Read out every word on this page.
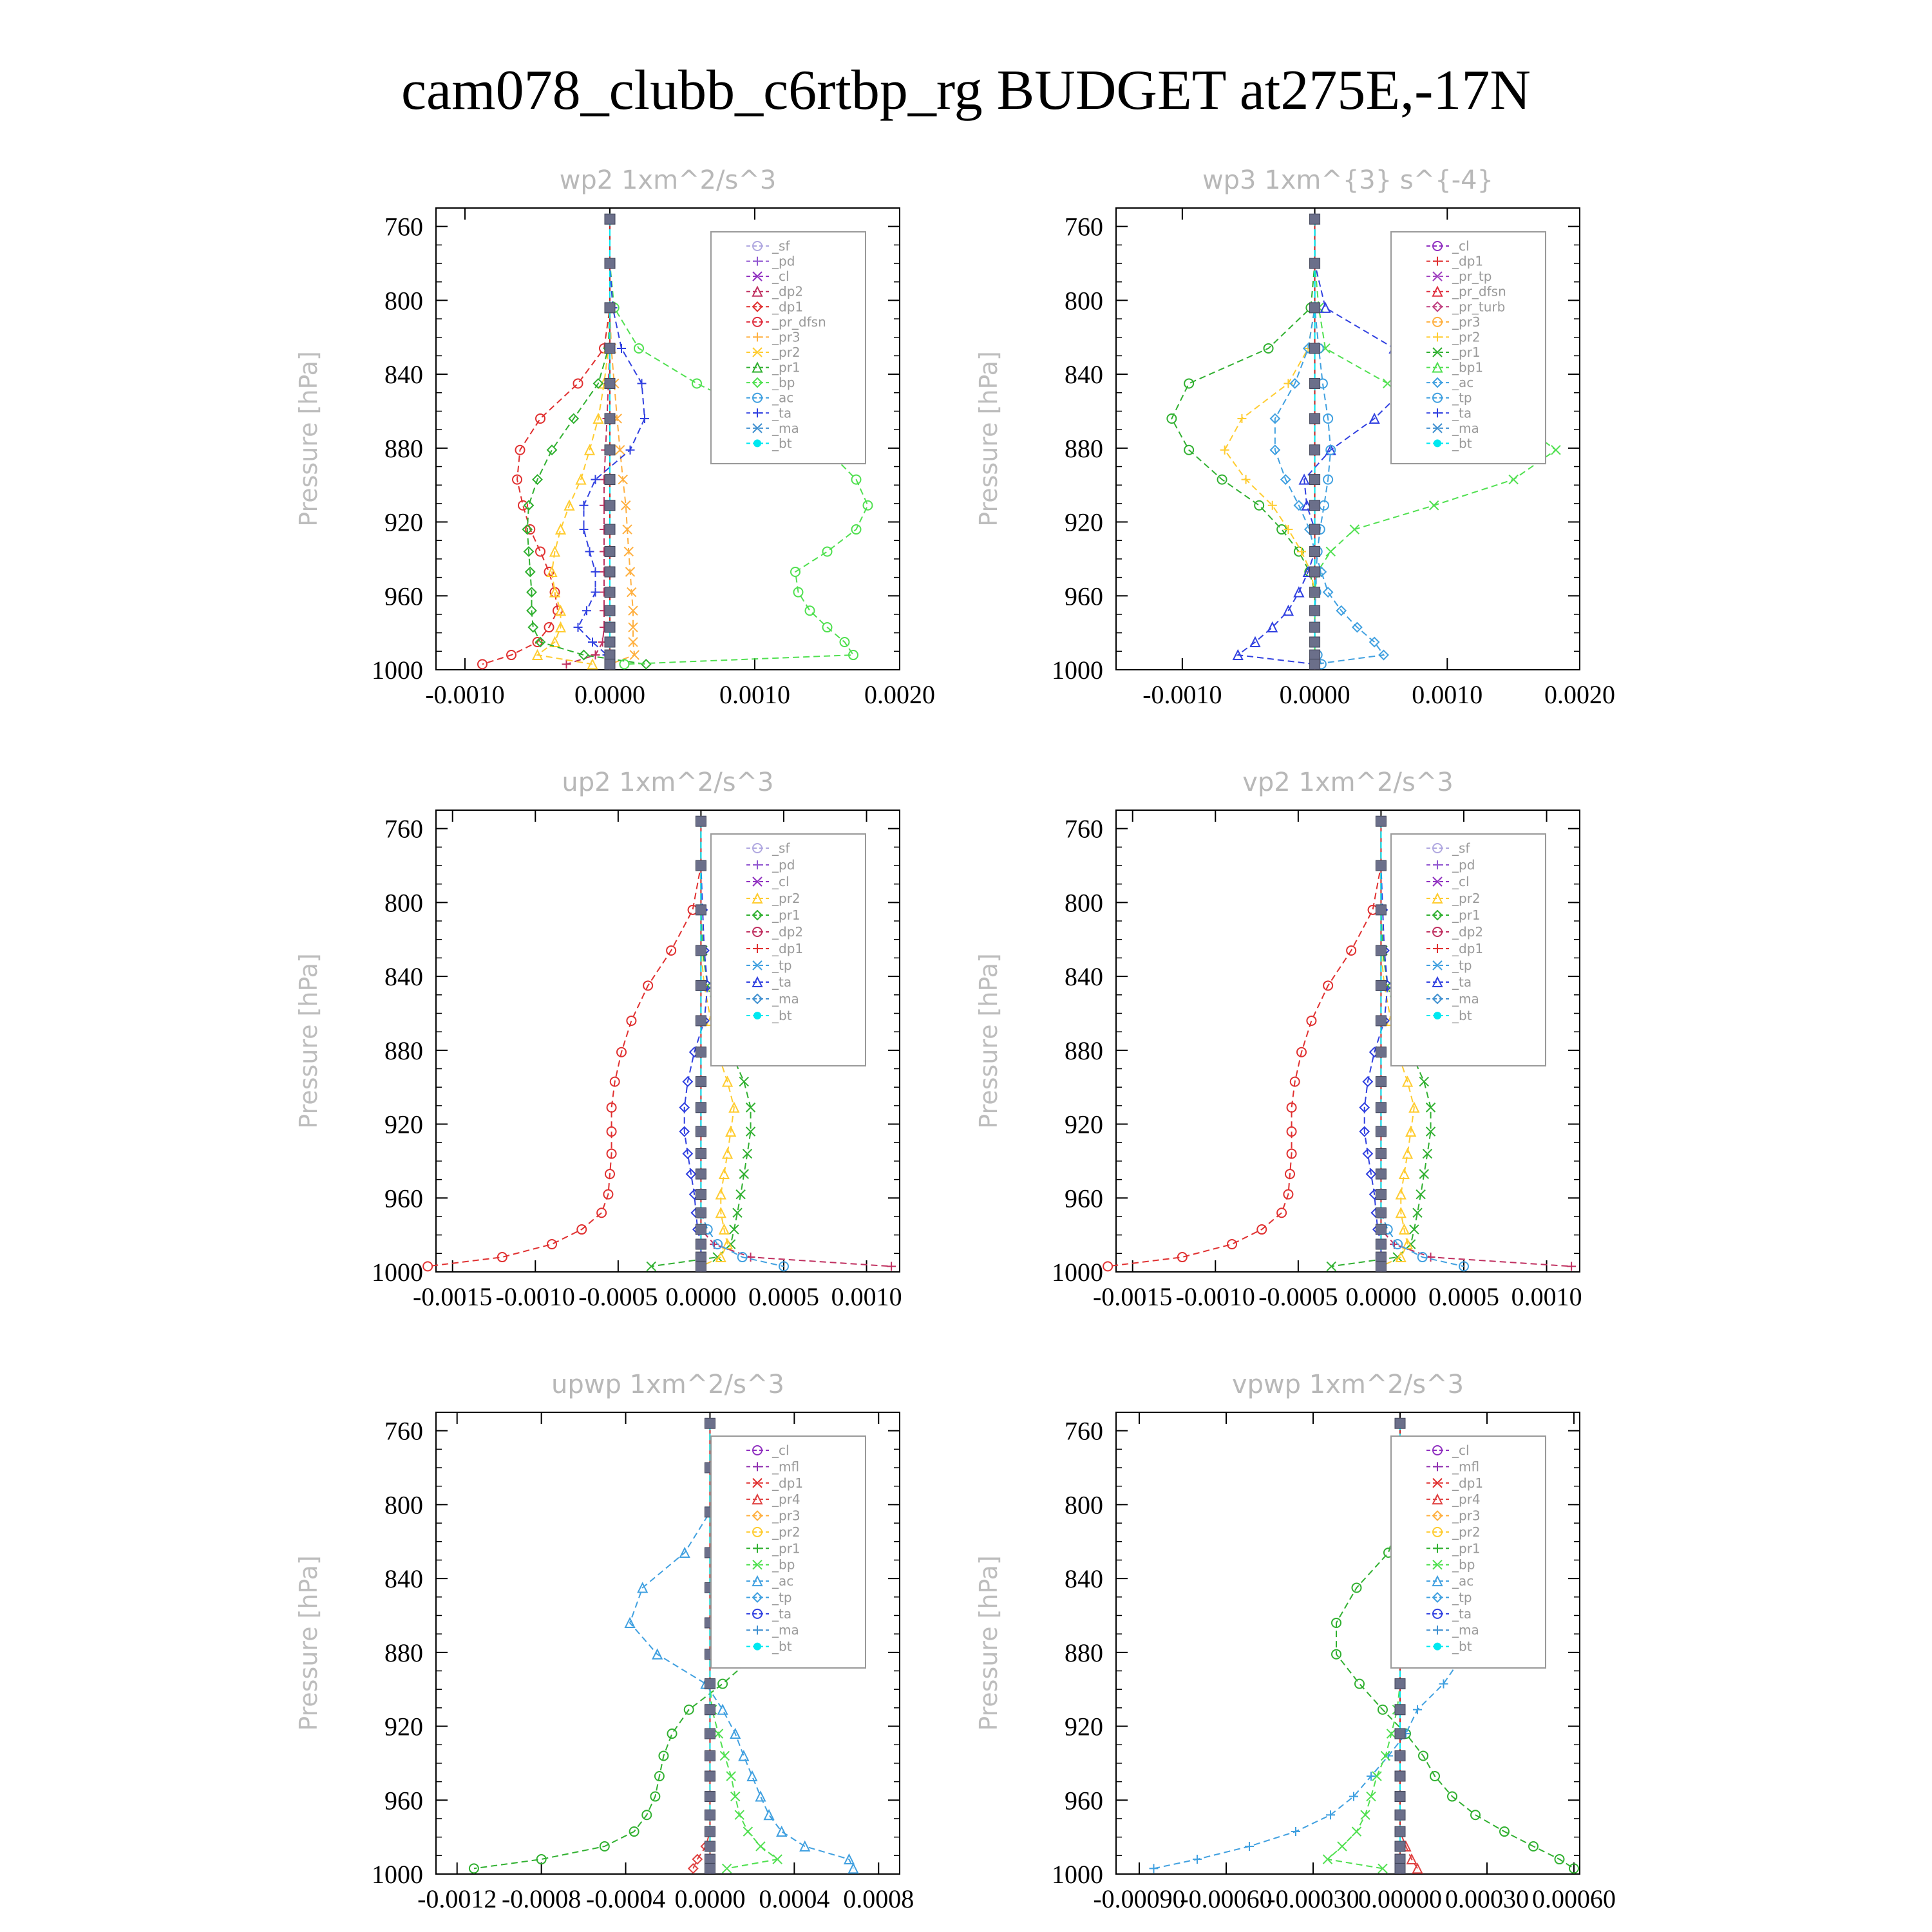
cam078_clubb_c6rtbp_rg BUDGET at275E,-17N
wp2 1xm^2/s^3
Pressure [hPa]
760
800
840
880
920
960
1000
-0.0010	0.0000	0.0010	0.0020
_sf
_pd
_cl
_dp2
_dp1
_pr_dfsn
_pr3
_pr2
_pr1
_bp
_ac
_ta
_ma
_bt
wp3 1xm^{3} s^{-4}
Pressure [hPa]
760
800
840
880
920
960
1000
-0.0010 0.0000 0.0010 0.0020
_cl
_dp1
_pr_tp
_pr_dfsn
_pr_turb
_pr3
_pr2
_pr1
_bp1
_ac
_tp
_ta
_ma
_bt
up2 1xm^2/s^3
Pressure [hPa]
760
800
840
880
920
960
1000
-0.0015 -0.0010 -0.0005 0.0000 0.0005 0.0010
_sf
_pd
_cl
_pr2
_pr1
_dp2
_dp1
_tp
_ta
_ma
_bt
vp2 1xm^2/s^3
Pressure [hPa]
760
800
840
880
920
960
1000
-0.0015 -0.0010 -0.0005 0.0000 0.0005 0.0010
_sf
_pd
_cl
_pr2
_pr1
_dp2
_dp1
_tp
_ta
_ma
_bt
upwp 1xm^2/s^3
Pressure [hPa]
760
800
840
880
920
960
1000
-0.0012 -0.0008 -0.0004 0.0000 0.0004 0.0008
_cl
_mfl
_dp1
_pr4
_pr3
_pr2
_pr1
_bp
_ac
_tp
_ta
_ma
_bt
vpwp 1xm^2/s^3
Pressure [hPa]
760
800
840
880
920
960
1000
-0.00090
-0.00060
-0.00030
0.00000 0.00030 0.00060
_cl
_mfl
_dp1
_pr4
_pr3
_pr2
_pr1
_bp
_ac
_tp
_ta
_ma
_bt
